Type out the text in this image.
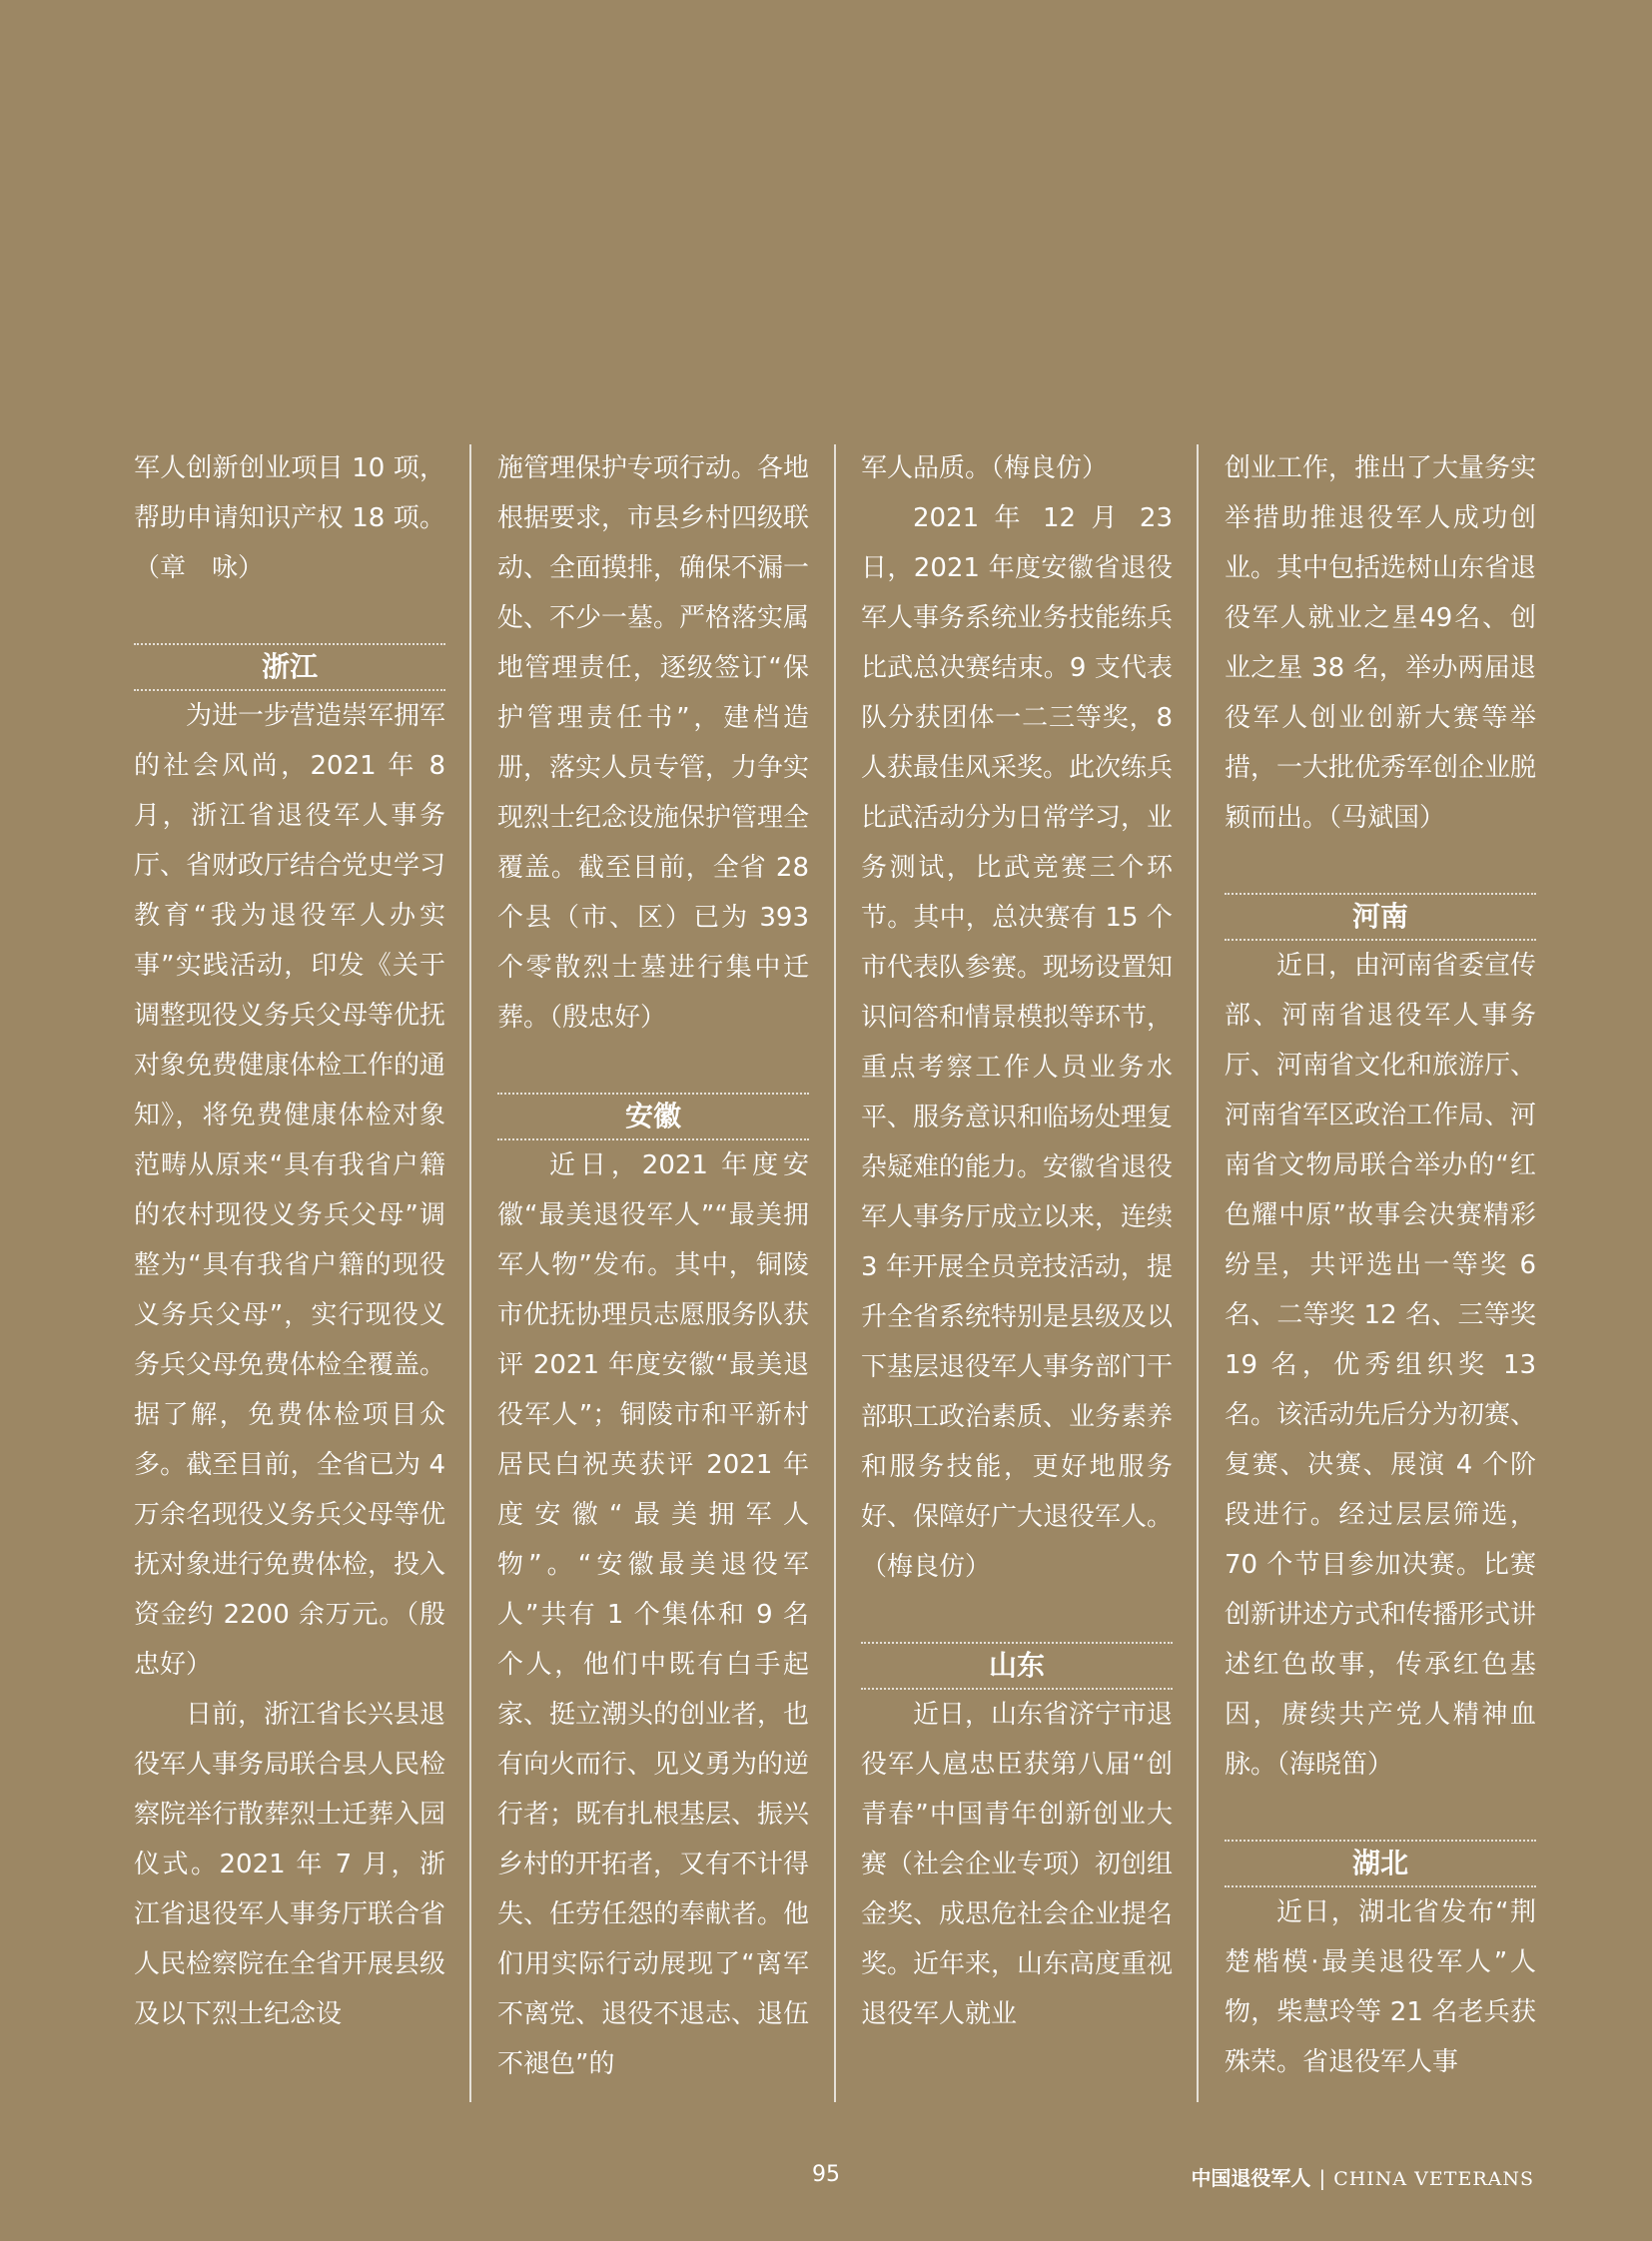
军人创新创业项目 10 项，帮助申请知识产权 18 项。（章　咏）

浙江

为进一步营造崇军拥军的社会风尚，2021 年 8 月，浙江省退役军人事务厅、省财政厅结合党史学习教育“我为退役军人办实事”实践活动，印发《关于调整现役义务兵父母等优抚对象免费健康体检工作的通知》，将免费健康体检对象范畴从原来“具有我省户籍的农村现役义务兵父母”调整为“具有我省户籍的现役义务兵父母”，实行现役义务兵父母免费体检全覆盖。据了解，免费体检项目众多。截至目前，全省已为 4 万余名现役义务兵父母等优抚对象进行免费体检，投入资金约 2200 余万元。（殷忠好）

日前，浙江省长兴县退役军人事务局联合县人民检察院举行散葬烈士迁葬入园仪式。2021 年 7 月，浙江省退役军人事务厅联合省人民检察院在全省开展县级及以下烈士纪念设

施管理保护专项行动。各地根据要求，市县乡村四级联动、全面摸排，确保不漏一处、不少一墓。严格落实属地管理责任，逐级签订“保护管理责任书”，建档造册，落实人员专管，力争实现烈士纪念设施保护管理全覆盖。截至目前，全省 28 个县（市、区）已为 393 个零散烈士墓进行集中迁葬。（殷忠好）

安徽

近日，2021 年度安徽“最美退役军人”“最美拥军人物”发布。其中，铜陵市优抚协理员志愿服务队获评 2021 年度安徽“最美退役军人”；铜陵市和平新村居民白祝英获评 2021 年度安徽“最美拥军人物”。“安徽最美退役军人”共有 1 个集体和 9 名个人，他们中既有白手起家、挺立潮头的创业者，也有向火而行、见义勇为的逆行者；既有扎根基层、振兴乡村的开拓者，又有不计得失、任劳任怨的奉献者。他们用实际行动展现了“离军不离党、退役不退志、退伍不褪色”的

军人品质。（梅良仿）

2021 年 12 月 23 日，2021 年度安徽省退役军人事务系统业务技能练兵比武总决赛结束。9 支代表队分获团体一二三等奖，8 人获最佳风采奖。此次练兵比武活动分为日常学习，业务测试，比武竞赛三个环节。其中，总决赛有 15 个市代表队参赛。现场设置知识问答和情景模拟等环节，重点考察工作人员业务水平、服务意识和临场处理复杂疑难的能力。安徽省退役军人事务厅成立以来，连续 3 年开展全员竞技活动，提升全省系统特别是县级及以下基层退役军人事务部门干部职工政治素质、业务素养和服务技能，更好地服务好、保障好广大退役军人。（梅良仿）

山东

近日，山东省济宁市退役军人扈忠臣获第八届“创青春”中国青年创新创业大赛（社会企业专项）初创组金奖、成思危社会企业提名奖。近年来，山东高度重视退役军人就业

创业工作，推出了大量务实举措助推退役军人成功创业。其中包括选树山东省退役军人就业之星49名、创业之星 38 名，举办两届退役军人创业创新大赛等举措，一大批优秀军创企业脱颖而出。（马斌国）

河南

近日，由河南省委宣传部、河南省退役军人事务厅、河南省文化和旅游厅、河南省军区政治工作局、河南省文物局联合举办的“红色耀中原”故事会决赛精彩纷呈，共评选出一等奖 6 名、二等奖 12 名、三等奖 19 名，优秀组织奖 13 名。该活动先后分为初赛、复赛、决赛、展演 4 个阶段进行。经过层层筛选，70 个节目参加决赛。比赛创新讲述方式和传播形式讲述红色故事，传承红色基因，赓续共产党人精神血脉。（海晓笛）

湖北

近日，湖北省发布“荆楚楷模·最美退役军人”人物，柴慧玲等 21 名老兵获殊荣。省退役军人事

95	中国退役军人 | CHINA VETERANS
